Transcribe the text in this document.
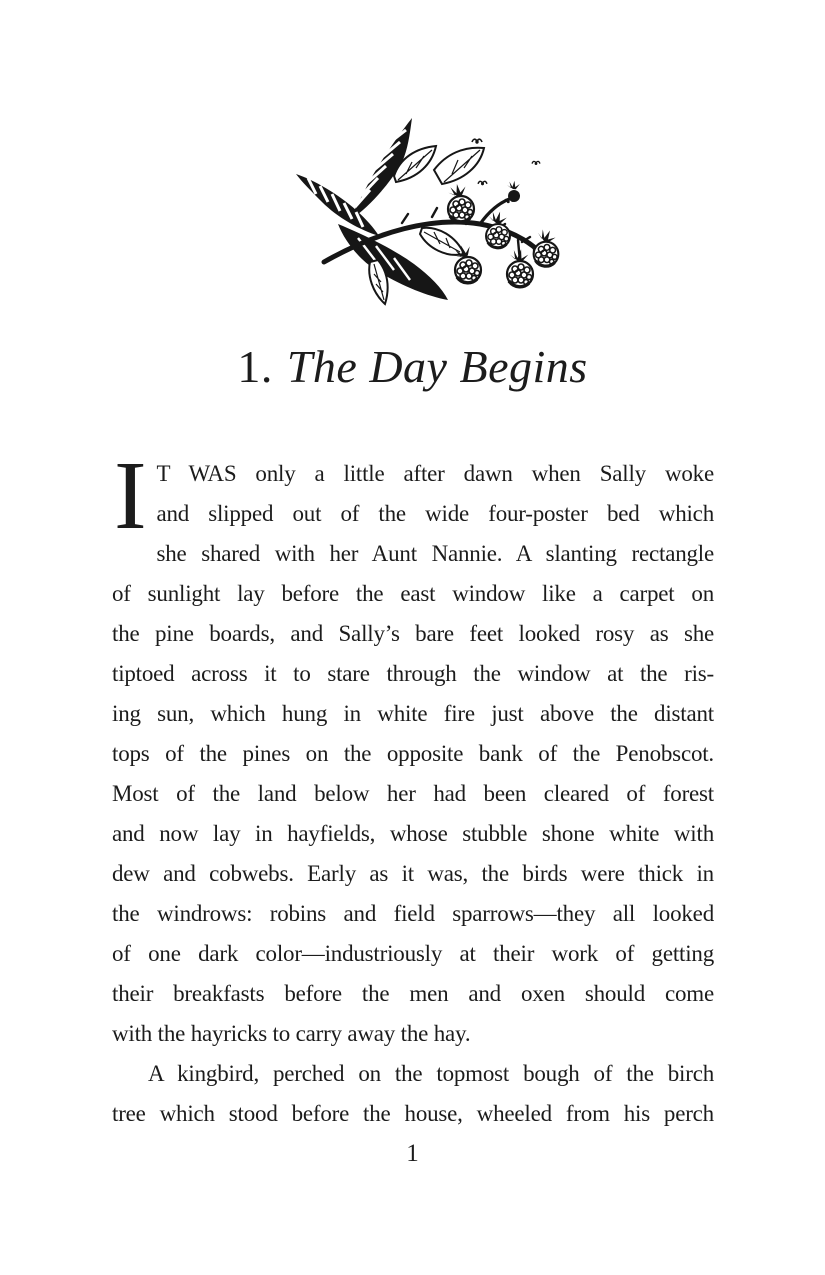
1. The Day Begins
I T WAS only a little after dawn when Sally woke
and slipped out of the wide four-poster bed which
she shared with her Aunt Nannie. A slanting rectangle
of sunlight lay before the east window like a carpet on
the pine boards, and Sally’s bare feet looked rosy as she
tiptoed across it to stare through the window at the ris-
ing sun, which hung in white fire just above the distant
tops of the pines on the opposite bank of the Penobscot.
Most of the land below her had been cleared of forest
and now lay in hayfields, whose stubble shone white with
dew and cobwebs. Early as it was, the birds were thick in
the windrows: robins and field sparrows—they all looked
of one dark color—industriously at their work of getting
their breakfasts before the men and oxen should come
with the hayricks to carry away the hay.
A kingbird, perched on the topmost bough of the birch
tree which stood before the house, wheeled from his perch
1
